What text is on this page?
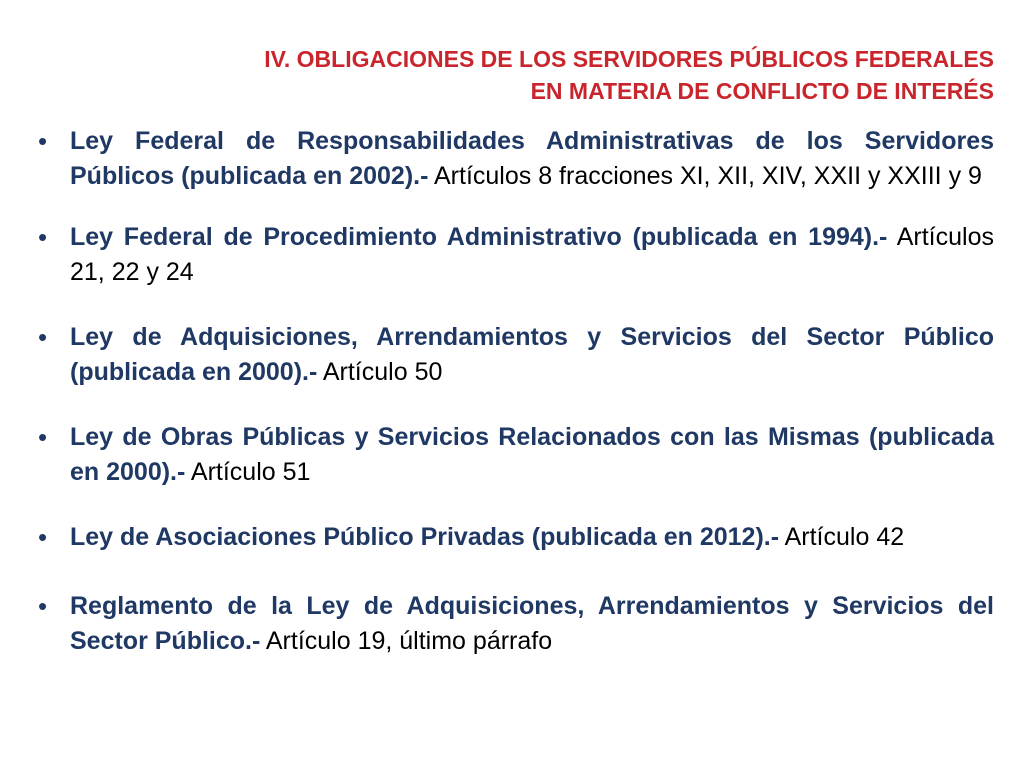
IV. OBLIGACIONES DE LOS SERVIDORES PÚBLICOS FEDERALES
EN MATERIA DE CONFLICTO DE INTERÉS
• Ley Federal de Responsabilidades Administrativas de los Servidores Públicos (publicada en 2002).- Artículos 8 fracciones XI, XII, XIV, XXII y XXIII y 9
• Ley Federal de Procedimiento Administrativo (publicada en 1994).- Artículos 21, 22 y 24
• Ley de Adquisiciones, Arrendamientos y Servicios del Sector Público (publicada en 2000).- Artículo 50
• Ley de Obras Públicas y Servicios Relacionados con las Mismas (publicada en 2000).- Artículo 51
• Ley de Asociaciones Público Privadas (publicada en 2012).- Artículo 42
• Reglamento de la Ley de Adquisiciones, Arrendamientos y Servicios del Sector Público.- Artículo 19, último párrafo
